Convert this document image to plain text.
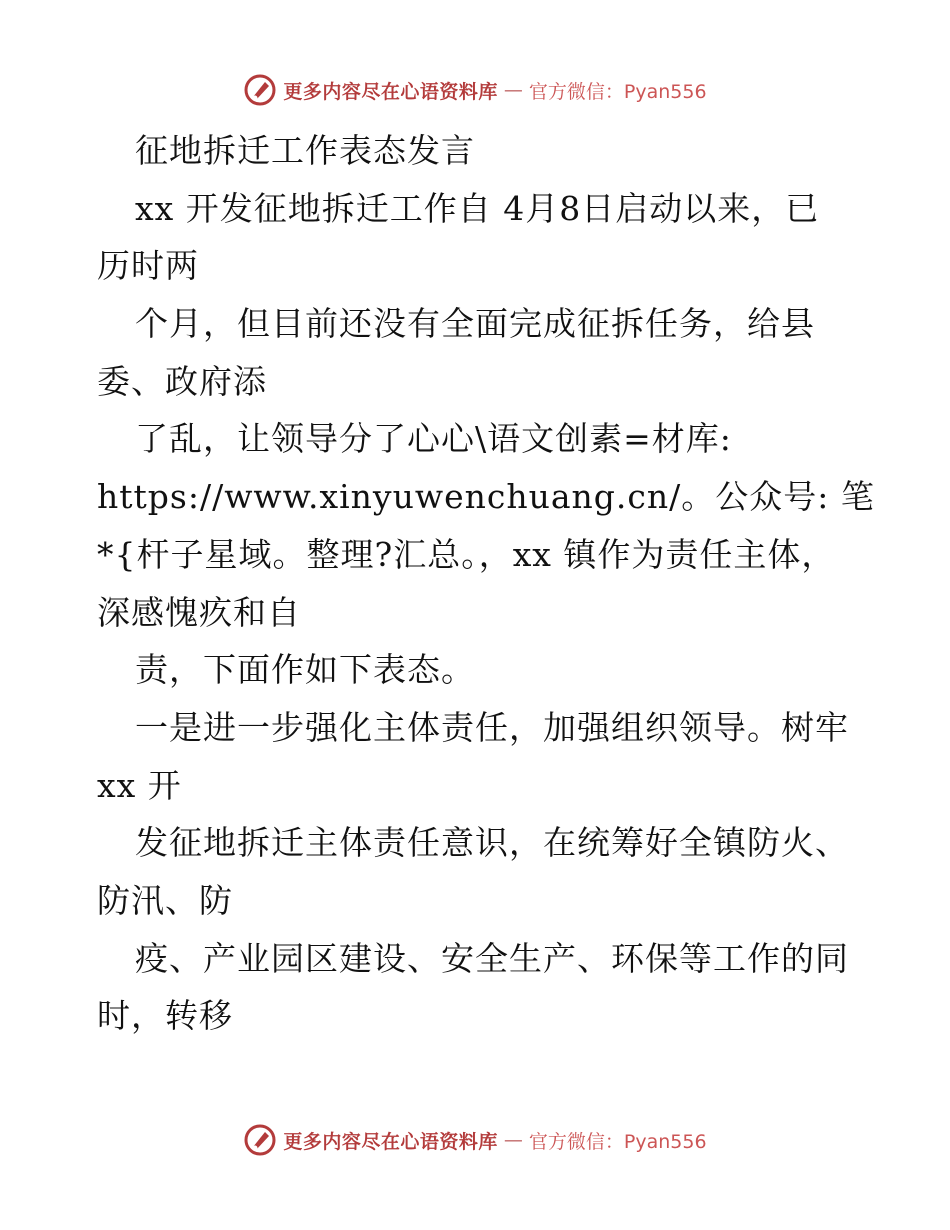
更多内容尽在心语资料库 — 官方微信：Pyan556
征地拆迁工作表态发言
xx 开发征地拆迁工作自 4月8日启动以来，已
历时两
个月，但目前还没有全面完成征拆任务，给县
委、政府添
了乱，让领导分了心心\语文创素=材库:
https://www.xinyuwenchuang.cn/。公众号: 笔
*{杆子星域。整理?汇总。，xx 镇作为责任主体，
深感愧疚和自
责，下面作如下表态。
一是进一步强化主体责任，加强组织领导。树牢
xx 开
发征地拆迁主体责任意识，在统筹好全镇防火、
防汛、防
疫、产业园区建设、安全生产、环保等工作的同
时，转移
更多内容尽在心语资料库 — 官方微信：Pyan556
